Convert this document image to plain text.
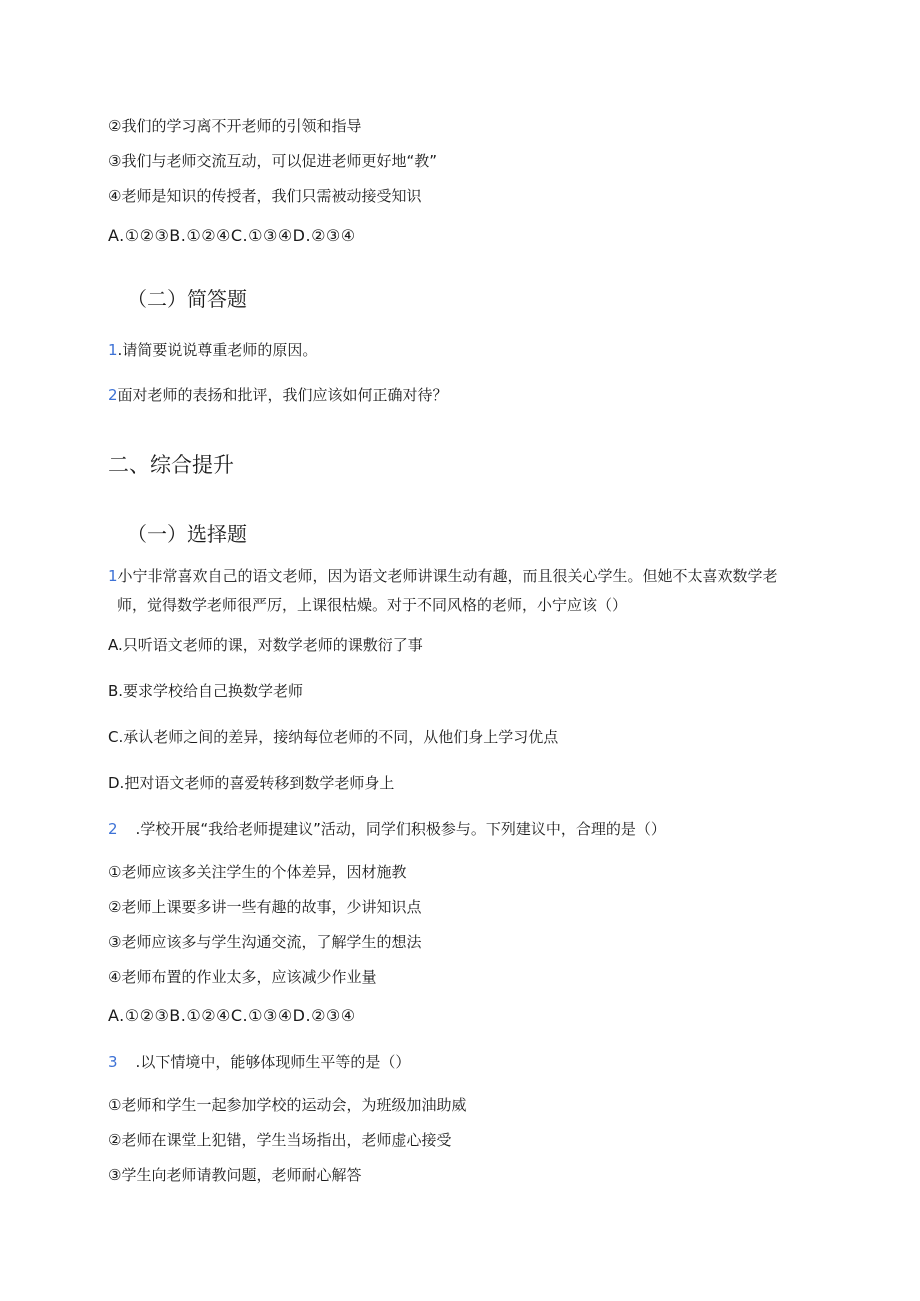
②我们的学习离不开老师的引领和指导
③我们与老师交流互动，可以促进老师更好地“教”
④老师是知识的传授者，我们只需被动接受知识
A.①②③B.①②④C.①③④D.②③④
（二）简答题
1.请简要说说尊重老师的原因。
2面对老师的表扬和批评，我们应该如何正确对待？
二、综合提升
（一）选择题
1小宁非常喜欢自己的语文老师，因为语文老师讲课生动有趣，而且很关心学生。但她不太喜欢数学老
师，觉得数学老师很严厉，上课很枯燥。对于不同风格的老师，小宁应该（）
A.只听语文老师的课，对数学老师的课敷衍了事
B.要求学校给自己换数学老师
C.承认老师之间的差异，接纳每位老师的不同，从他们身上学习优点
D.把对语文老师的喜爱转移到数学老师身上
2 .学校开展“我给老师提建议”活动，同学们积极参与。下列建议中，合理的是（）
①老师应该多关注学生的个体差异，因材施教
②老师上课要多讲一些有趣的故事，少讲知识点
③老师应该多与学生沟通交流，了解学生的想法
④老师布置的作业太多，应该减少作业量
A.①②③B.①②④C.①③④D.②③④
3 .以下情境中，能够体现师生平等的是（）
①老师和学生一起参加学校的运动会，为班级加油助威
②老师在课堂上犯错，学生当场指出，老师虚心接受
③学生向老师请教问题，老师耐心解答
